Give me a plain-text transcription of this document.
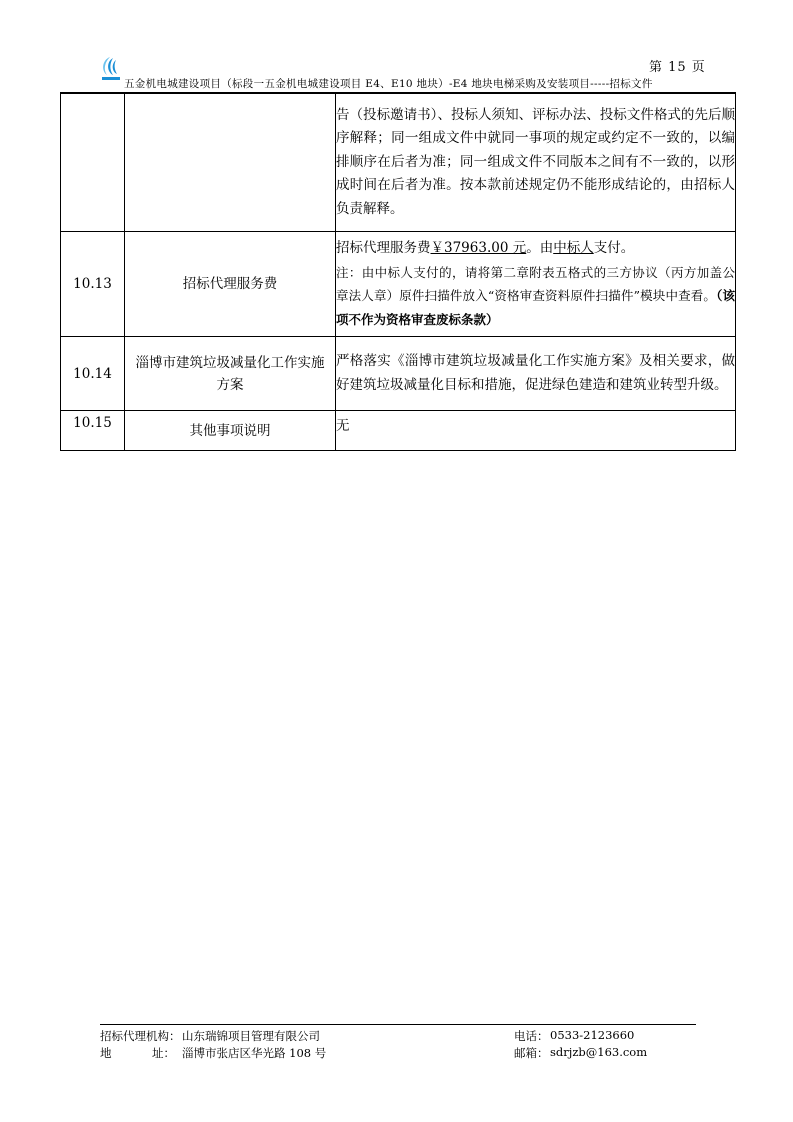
第 15 页
五金机电城建设项目（标段一五金机电城建设项目 E4、E10 地块）-E4 地块电梯采购及安装项目-----招标文件
		告（投标邀请书）、投标人须知、评标办法、投标文件格式的先后顺序解释；同一组成文件中就同一事项的规定或约定不一致的，以编排顺序在后者为准；同一组成文件不同版本之间有不一致的，以形成时间在后者为准。按本款前述规定仍不能形成结论的，由招标人负责解释。
10.13	招标代理服务费	招标代理服务费￥37963.00 元。由中标人支付。
注：由中标人支付的，请将第二章附表五格式的三方协议（丙方加盖公章法人章）原件扫描件放入“资格审查资料原件扫描件”模块中查看。（该项不作为资格审查废标条款）

10.14	淄博市建筑垃圾减量化工作实施
方案	严格落实《淄博市建筑垃圾减量化工作实施方案》及相关要求，做好建筑垃圾减量化目标和措施，促进绿色建造和建筑业转型升级。
10.15	其他事项说明	无
招标代理机构： 山东瑞锦项目管理有限公司	电话： 0533-2123660
地	址： 淄博市张店区华光路 108 号	邮箱： sdrjzb@163.com
